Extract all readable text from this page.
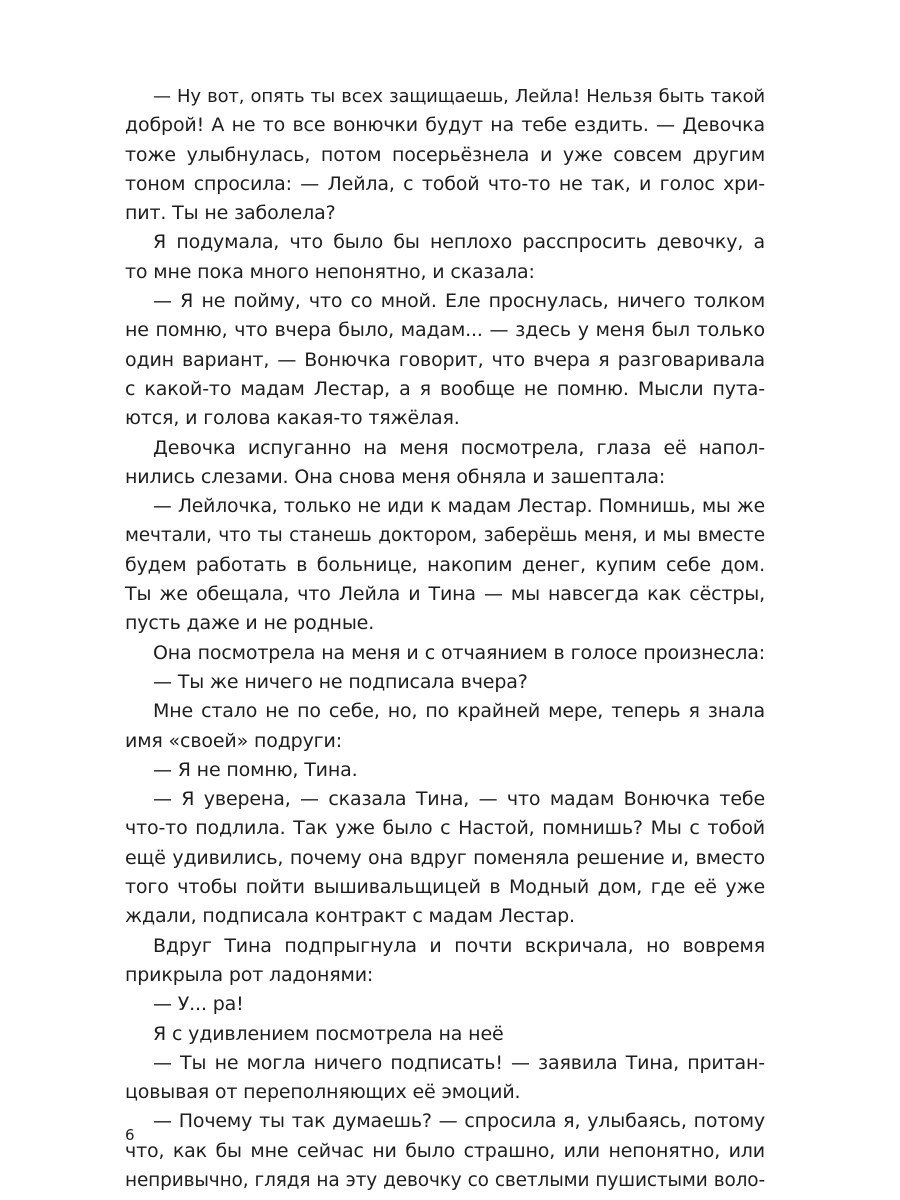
— Ну вот, опять ты всех защищаешь, Лейла! Нельзя быть такой
доброй! А не то все вонючки будут на тебе ездить. — Девочка
тоже улыбнулась, потом посерьёзнела и уже совсем другим
тоном спросила: — Лейла, с тобой что-то не так, и голос хри-
пит. Ты не заболела?
Я подумала, что было бы неплохо расспросить девочку, а
то мне пока много непонятно, и сказала:
— Я не пойму, что со мной. Еле проснулась, ничего толком
не помню, что вчера было, мадам... — здесь у меня был только
один вариант, — Вонючка говорит, что вчера я разговаривала
с какой-то мадам Лестар, а я вообще не помню. Мысли пута-
ются, и голова какая-то тяжёлая.
Девочка испуганно на меня посмотрела, глаза её напол-
нились слезами. Она снова меня обняла и зашептала:
— Лейлочка, только не иди к мадам Лестар. Помнишь, мы же
мечтали, что ты станешь доктором, заберёшь меня, и мы вместе
будем работать в больнице, накопим денег, купим себе дом.
Ты же обещала, что Лейла и Тина — мы навсегда как сёстры,
пусть даже и не родные.
Она посмотрела на меня и с отчаянием в голосе произнесла:
— Ты же ничего не подписала вчера?
Мне стало не по себе, но, по крайней мере, теперь я знала
имя «своей» подруги:
— Я не помню, Тина.
— Я уверена, — сказала Тина, — что мадам Вонючка тебе
что-то подлила. Так уже было с Настой, помнишь? Мы с тобой
ещё удивились, почему она вдруг поменяла решение и, вместо
того чтобы пойти вышивальщицей в Модный дом, где её уже
ждали, подписала контракт с мадам Лестар.
Вдруг Тина подпрыгнула и почти вскричала, но вовремя
прикрыла рот ладонями:
— У... ра!
Я с удивлением посмотрела на неё
— Ты не могла ничего подписать! — заявила Тина, притан-
цовывая от переполняющих её эмоций.
— Почему ты так думаешь? — спросила я, улыбаясь, потому
что, как бы мне сейчас ни было страшно, или непонятно, или
непривычно, глядя на эту девочку со светлыми пушистыми воло-
6
